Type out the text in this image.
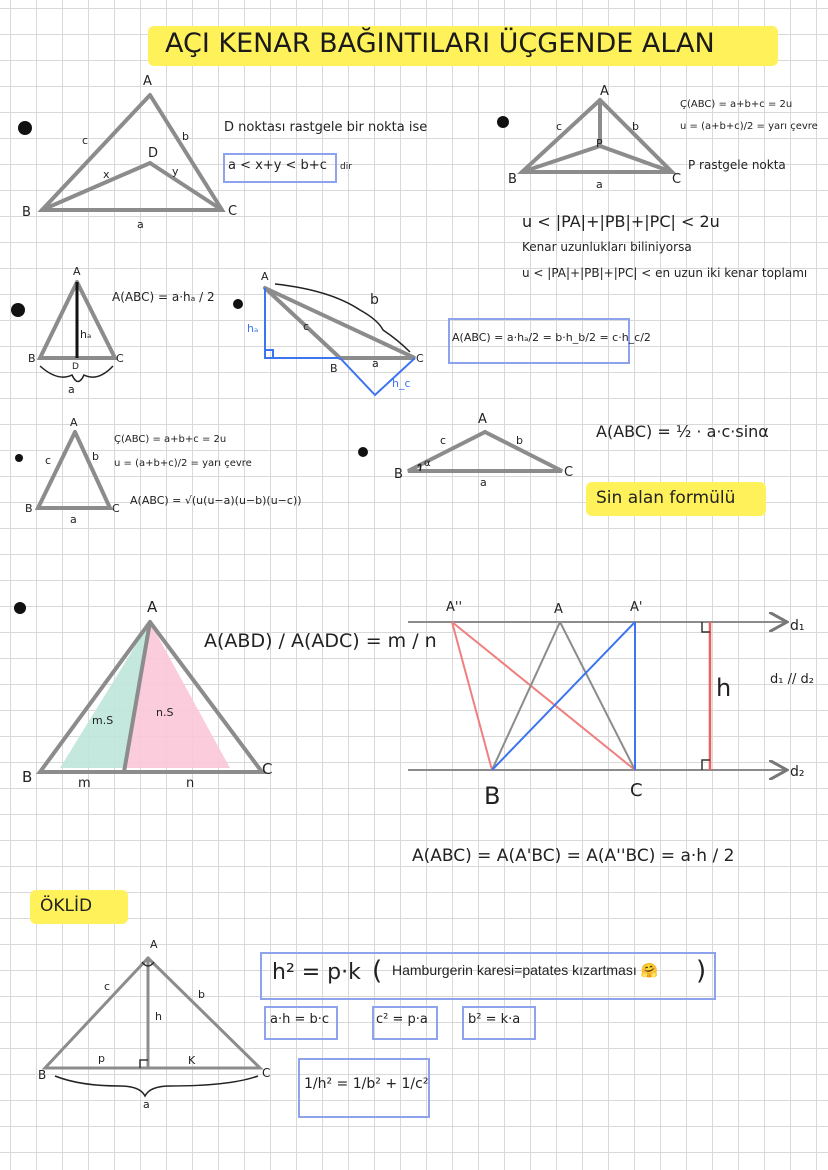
AÇI KENAR BAĞINTILARI ÜÇGENDE ALAN
A
B	C
D
c	b
x	y
a
D noktası rastgele bir nokta ise
a < x+y < b+c dir
A
B	C
P
c	b
a
Ç(ABC) = a+b+c = 2u
u = (a+b+c)/2 = yarı çevre
P rastgele nokta
u < |PA|+|PB|+|PC| < 2u
Kenar uzunlukları biliniyorsa
u < |PA|+|PB|+|PC| < en uzun iki kenar toplamı
A
B	C
D
hₐ
a
A(ABC) = a·hₐ / 2
A
B
C
hₐ	c
a
b
h_c
A(ABC) = a·hₐ/2 = b·h_b/2 = c·h_c/2
A
B	C
c	b
a
Ç(ABC) = a+b+c = 2u
u = (a+b+c)/2 = yarı çevre
A(ABC) = √(u(u−a)(u−b)(u−c))
A
B	C
c	b
a
α
A(ABC) = ½ · a·c·sinα
Sin alan formülü
A
B	C
m	n
m.S
n.S
A(ABD) / A(ADC) = m / n
A''	A	A'
B	C
h
d₁
d₂
d₁ // d₂
A(ABC) = A(A'BC) = A(A''BC) = a·h / 2
ÖKLİD
A
B	C
c
b
h
p	K
a
h² = p·k ( Hamburgerin karesi=patates kızartması 🤗 )
a·h = b·c	c² = p·a	b² = k·a
1/h² = 1/b² + 1/c²
